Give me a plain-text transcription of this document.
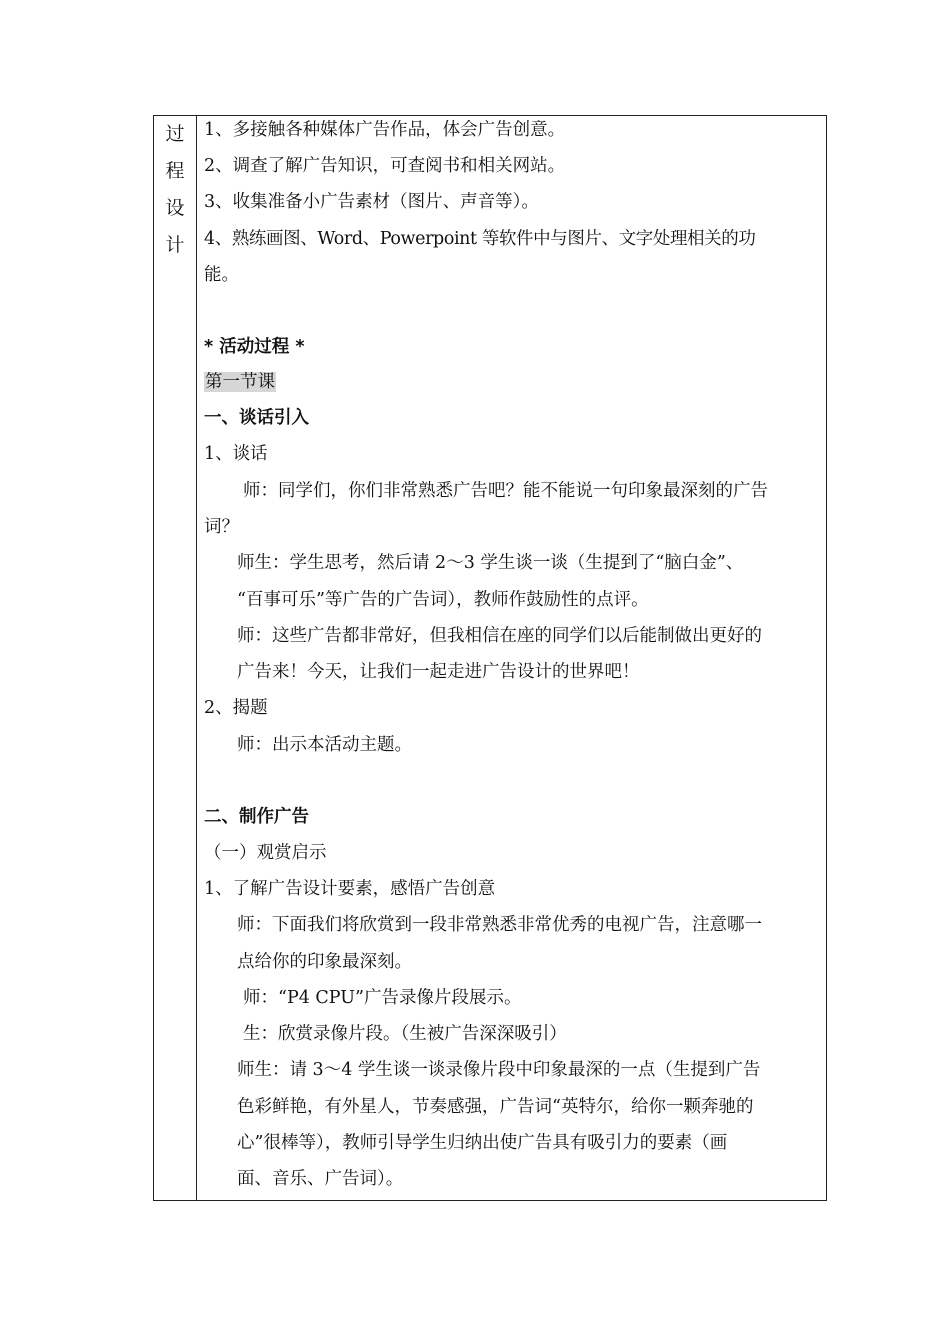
过
程
设
计
1、多接触各种媒体广告作品，体会广告创意。
2、调查了解广告知识，可查阅书和相关网站。
3、收集准备小广告素材（图片、声音等）。
4、熟练画图、Word、Powerpoint 等软件中与图片、文字处理相关的功
能。
* 活动过程 *
第一节课
一、谈话引入
1、谈话
师：同学们，你们非常熟悉广告吧？能不能说一句印象最深刻的广告
词？
师生：学生思考，然后请 2～3 学生谈一谈（生提到了“脑白金”、
“百事可乐”等广告的广告词），教师作鼓励性的点评。
师：这些广告都非常好，但我相信在座的同学们以后能制做出更好的
广告来！今天，让我们一起走进广告设计的世界吧！
2、揭题
师：出示本活动主题。
二、制作广告
（一）观赏启示
1、了解广告设计要素，感悟广告创意
师：下面我们将欣赏到一段非常熟悉非常优秀的电视广告，注意哪一
点给你的印象最深刻。
师：“P4 CPU”广告录像片段展示。
生：欣赏录像片段。（生被广告深深吸引）
师生：请 3～4 学生谈一谈录像片段中印象最深的一点（生提到广告
色彩鲜艳，有外星人，节奏感强，广告词“英特尔，给你一颗奔驰的
心”很棒等），教师引导学生归纳出使广告具有吸引力的要素（画
面、音乐、广告词）。
